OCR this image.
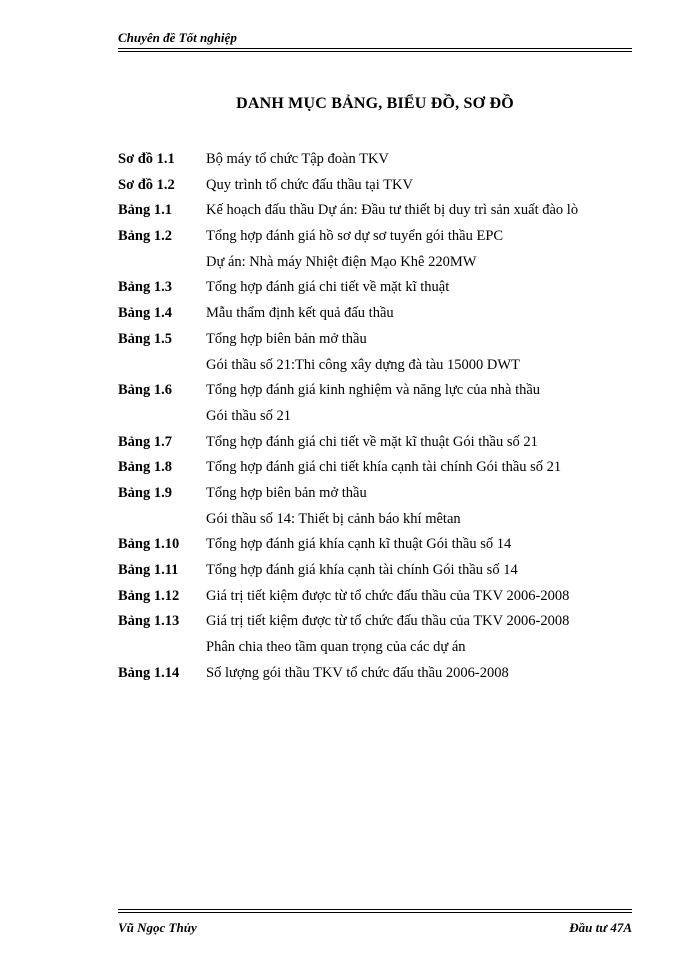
Chuyên đề Tốt nghiệp
DANH MỤC BẢNG, BIỂU ĐỒ, SƠ ĐỒ
Sơ đồ 1.1 Bộ máy tổ chức Tập đoàn TKV
Sơ đồ 1.2 Quy trình tổ chức đấu thầu tại TKV
Bảng 1.1 Kế hoạch đấu thầu Dự án: Đầu tư thiết bị duy trì sản xuất đào lò
Bảng 1.2 Tổng hợp đánh giá hồ sơ dự sơ tuyển gói thầu EPC
Dự án: Nhà máy Nhiệt điện Mạo Khê 220MW
Bảng 1.3 Tổng hợp đánh giá chi tiết về mặt kĩ thuật
Bảng 1.4 Mẫu thẩm định kết quả đấu thầu
Bảng 1.5 Tổng hợp biên bản mở thầu
Gói thầu số 21:Thi công xây dựng đà tàu 15000 DWT
Bảng 1.6 Tổng hợp đánh giá kinh nghiệm và năng lực của nhà thầu
Gói thầu số 21
Bảng 1.7 Tổng hợp đánh giá chi tiết về mặt kĩ thuật Gói thầu số 21
Bảng 1.8 Tổng hợp đánh giá chi tiết khía cạnh tài chính Gói thầu số 21
Bảng 1.9 Tổng hợp biên bản mở thầu
Gói thầu số 14: Thiết bị cảnh báo khí mêtan
Bảng 1.10 Tổng hợp đánh giá khía cạnh kĩ thuật Gói thầu số 14
Bảng 1.11 Tổng hợp đánh giá khía cạnh tài chính Gói thầu số 14
Bảng 1.12 Giá trị tiết kiệm được từ tổ chức đấu thầu của TKV 2006-2008
Bảng 1.13 Giá trị tiết kiệm được từ tổ chức đấu thầu của TKV 2006-2008
Phân chia theo tầm quan trọng của các dự án
Bảng 1.14 Số lượng gói thầu TKV tổ chức đấu thầu 2006-2008
Vũ Ngọc Thủy	Đầu tư 47A
